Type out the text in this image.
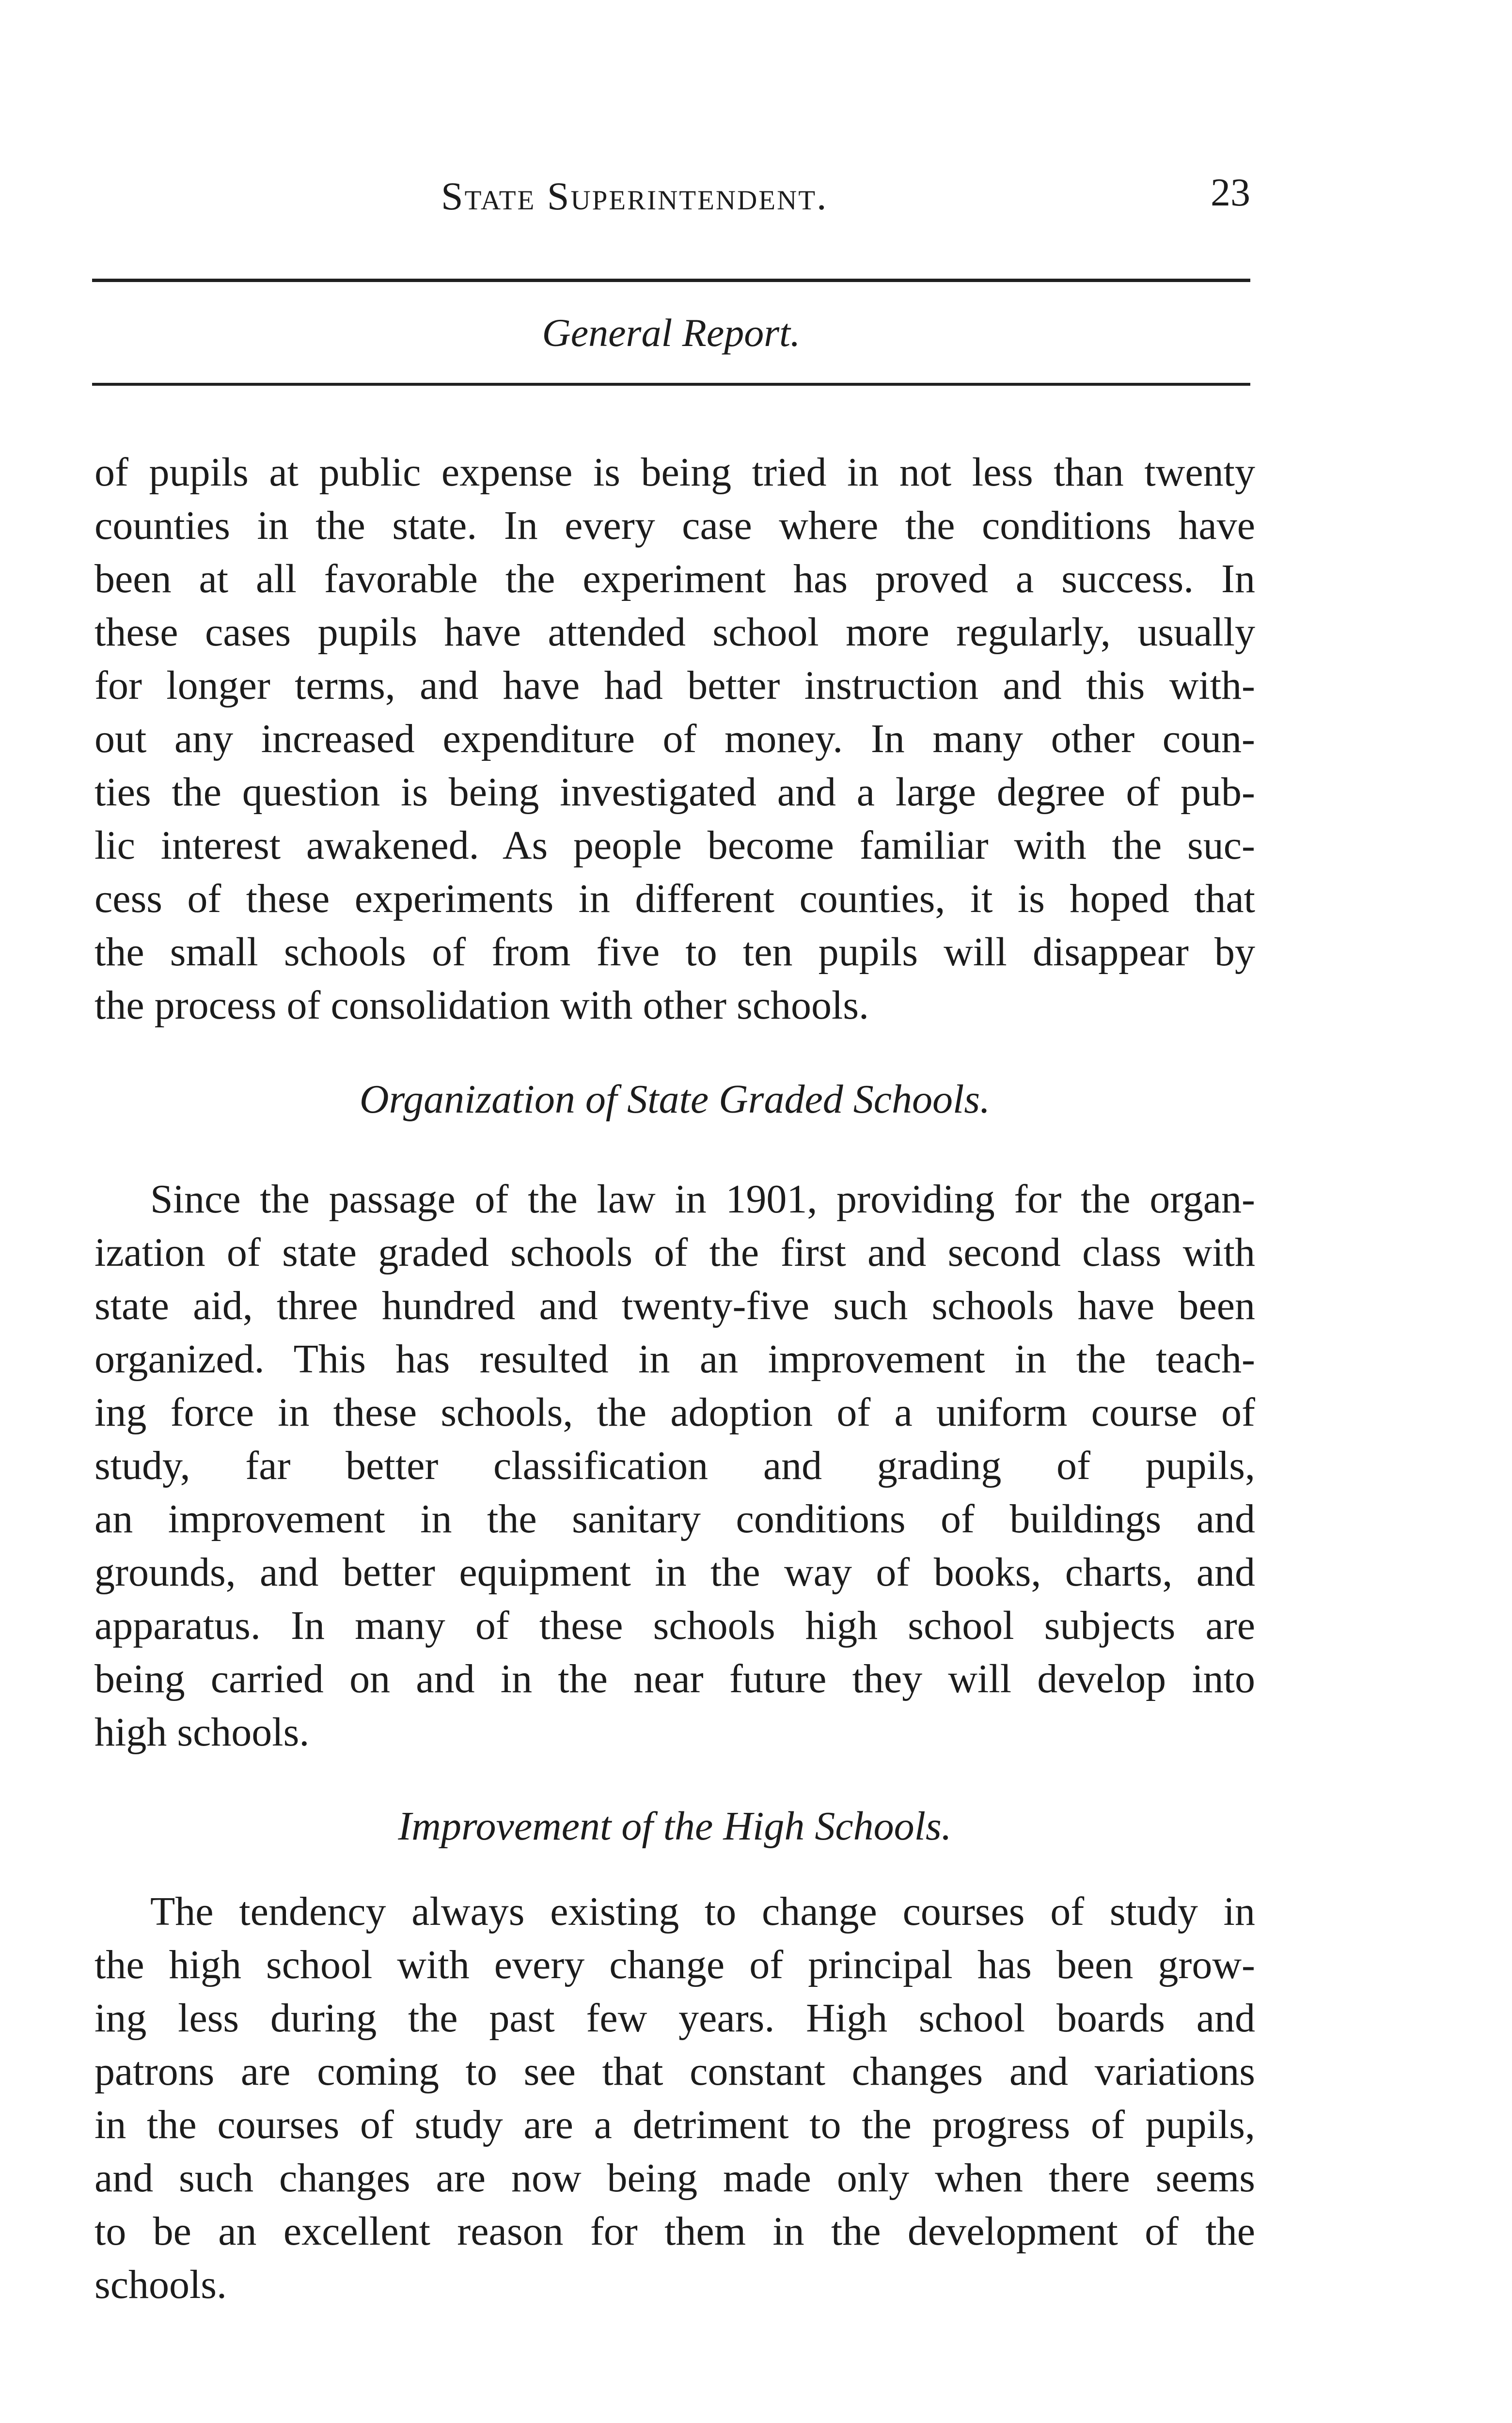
State Superintendent.	23
General Report.
of pupils at public expense is being tried in not less than twenty
counties in the state. In every case where the conditions have
been at all favorable the experiment has proved a success. In
these cases pupils have attended school more regularly, usually
for longer terms, and have had better instruction and this with-
out any increased expenditure of money. In many other coun-
ties the question is being investigated and a large degree of pub-
lic interest awakened. As people become familiar with the suc-
cess of these experiments in different counties, it is hoped that
the small schools of from five to ten pupils will disappear by
the process of consolidation with other schools.
Organization of State Graded Schools.
Since the passage of the law in 1901, providing for the organ-
ization of state graded schools of the first and second class with
state aid, three hundred and twenty-five such schools have been
organized. This has resulted in an improvement in the teach-
ing force in these schools, the adoption of a uniform course of
study, far better classification and grading of pupils,
an improvement in the sanitary conditions of buildings and
grounds, and better equipment in the way of books, charts, and
apparatus. In many of these schools high school subjects are
being carried on and in the near future they will develop into
high schools.
Improvement of the High Schools.
The tendency always existing to change courses of study in
the high school with every change of principal has been grow-
ing less during the past few years. High school boards and
patrons are coming to see that constant changes and variations
in the courses of study are a detriment to the progress of pupils,
and such changes are now being made only when there seems
to be an excellent reason for them in the development of the
schools.
